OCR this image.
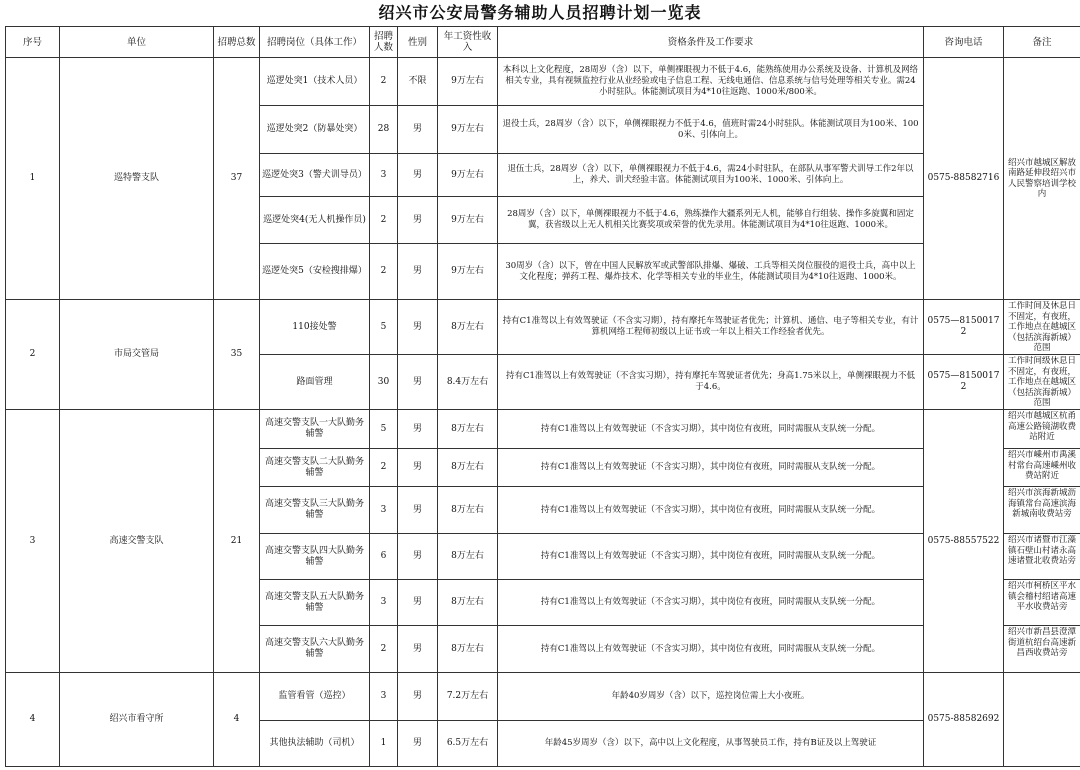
绍兴市公安局警务辅助人员招聘计划一览表
序号	单位	招聘总数	招聘岗位（具体工作）	招聘人数	性别	年工资性收入	资格条件及工作要求	咨询电话	备注
1	巡特警支队	37	巡逻处突1（技术人员）	2	不限	9万左右	本科以上文化程度，28周岁（含）以下，单侧裸眼视力不低于4.6，能熟练使用办公系统及设备、计算机及网络相关专业，具有视频监控行业从业经验或电子信息工程、无线电通信、信息系统与信号处理等相关专业。需24小时驻队。体能测试项目为4*10往返跑、1000米/800米。	0575-88582716	绍兴市越城区解放南路延伸段绍兴市人民警察培训学校内
			巡逻处突2（防暴处突）	28	男	9万左右	退役士兵，28周岁（含）以下，单侧裸眼视力不低于4.6，值班时需24小时驻队。体能测试项目为100米、1000米、引体向上。		
			巡逻处突3（警犬训导员）	3	男	9万左右	退伍士兵，28周岁（含）以下，单侧裸眼视力不低于4.6，需24小时驻队，在部队从事军警犬训导工作2年以上，养犬、训犬经验丰富。体能测试项目为100米、1000米、引体向上。		
			巡逻处突4(无人机操作员)	2	男	9万左右	28周岁（含）以下，单侧裸眼视力不低于4.6，熟练操作大疆系列无人机，能够自行组装、操作多旋翼和固定翼，获省级以上无人机相关比赛奖项或荣誉的优先录用。体能测试项目为4*10往返跑、1000米。		
			巡逻处突5（安检搜排爆）	2	男	9万左右	30周岁（含）以下，曾在中国人民解放军或武警部队排爆、爆破、工兵等相关岗位服役的退役士兵，高中以上文化程度；弹药工程、爆炸技术、化学等相关专业的毕业生，体能测试项目为4*10往返跑、1000米。		
2	市局交管局	35	110接处警	5	男	8万左右	持有C1准驾以上有效驾驶证（不含实习期），持有摩托车驾驶证者优先；计算机、通信、电子等相关专业，有计算机网络工程师初级以上证书或一年以上相关工作经验者优先。	0575—81500172	工作时间及休息日不固定，有夜班，工作地点在越城区（包括滨海新城）范围

			路面管理	30	男	8.4万左右	持有C1准驾以上有效驾驶证（不含实习期），持有摩托车驾驶证者优先；身高1.75米以上，单侧裸眼视力不低于4.6。	0575—81500172	工作时间级休息日不固定，有夜班，工作地点在越城区（包括滨海新城）范围

3	高速交警支队	21	高速交警支队一大队勤务辅警	5	男	8万左右	持有C1准驾以上有效驾驶证（不含实习期），其中岗位有夜班，同时需服从支队统一分配。	0575-88557522	绍兴市越城区杭甬高速公路镜湖收费站附近

			高速交警支队二大队勤务辅警	2	男	8万左右	持有C1准驾以上有效驾驶证（不含实习期），其中岗位有夜班，同时需服从支队统一分配。		绍兴市嵊州市禹溪村常台高速嵊州收费站附近

			高速交警支队三大队勤务辅警	3	男	8万左右	持有C1准驾以上有效驾驶证（不含实习期），其中岗位有夜班，同时需服从支队统一分配。		绍兴市滨海新城沥海镇常台高速滨海新城南收费站旁

			高速交警支队四大队勤务辅警	6	男	8万左右	持有C1准驾以上有效驾驶证（不含实习期），其中岗位有夜班，同时需服从支队统一分配。		绍兴市诸暨市江藻镇石壁山村诸永高速诸暨北收费站旁

			高速交警支队五大队勤务辅警	3	男	8万左右	持有C1准驾以上有效驾驶证（不含实习期），其中岗位有夜班，同时需服从支队统一分配。		绍兴市柯桥区平水镇会稽村绍诸高速平水收费站旁

			高速交警支队六大队勤务辅警	2	男	8万左右	持有C1准驾以上有效驾驶证（不含实习期），其中岗位有夜班，同时需服从支队统一分配。		绍兴市新昌县澄潭街道杭绍台高速新昌西收费站旁

4	绍兴市看守所	4	监管看管（巡控）	3	男	7.2万左右	年龄40岁周岁（含）以下，巡控岗位需上大小夜班。	0575-88582692	
			其他执法辅助（司机）	1	男	6.5万左右	年龄45岁周岁（含）以下，高中以上文化程度，从事驾驶员工作，持有B证及以上驾驶证		
